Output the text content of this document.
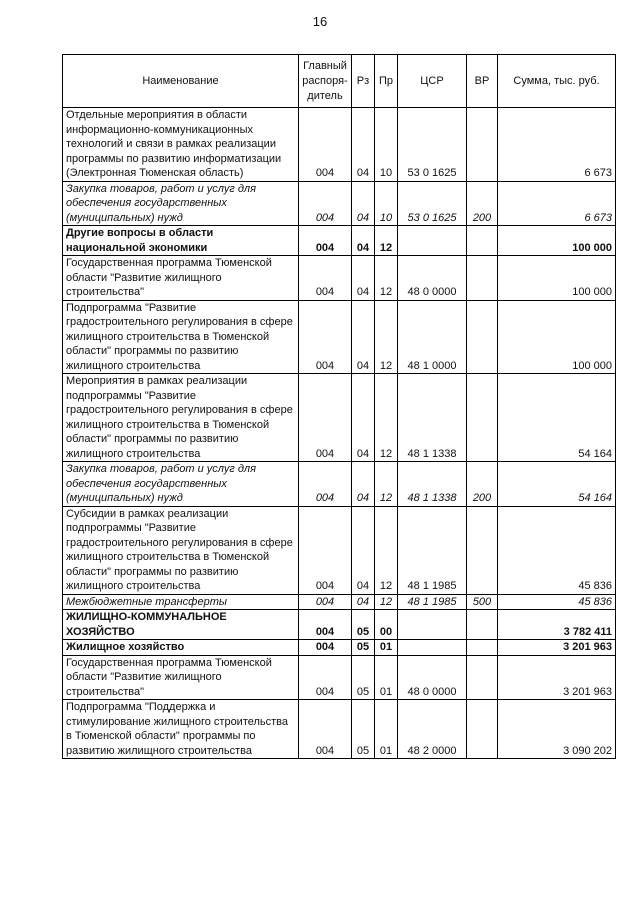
16
Наименование	Главный распоря-дитель	Рз	Пр	ЦСР	ВР	Сумма, тыс. руб.
Отдельные мероприятия в области информационно-коммуникационных технологий и связи в рамках реализации программы по развитию информатизации (Электронная Тюменская область)	004	04	10	53 0 1625		6 673
Закупка товаров, работ и услуг для обеспечения государственных (муниципальных) нужд	004	04	10	53 0 1625	200	6 673
Другие вопросы в области национальной экономики	004	04	12			100 000
Государственная программа Тюменской области "Развитие жилищного строительства"	004	04	12	48 0 0000		100 000
Подпрограмма "Развитие градостроительного регулирования в сфере жилищного строительства в Тюменской области" программы по развитию жилищного строительства	004	04	12	48 1 0000		100 000
Мероприятия в рамках реализации подпрограммы "Развитие градостроительного регулирования в сфере жилищного строительства в Тюменской области" программы по развитию жилищного строительства	004	04	12	48 1 1338		54 164
Закупка товаров, работ и услуг для обеспечения государственных (муниципальных) нужд	004	04	12	48 1 1338	200	54 164
Субсидии в рамках реализации подпрограммы "Развитие градостроительного регулирования в сфере жилищного строительства в Тюменской области" программы по развитию жилищного строительства	004	04	12	48 1 1985		45 836
Межбюджетные трансферты	004	04	12	48 1 1985	500	45 836
ЖИЛИЩНО-КОММУНАЛЬНОЕ ХОЗЯЙСТВО	004	05	00			3 782 411
Жилищное хозяйство	004	05	01			3 201 963
Государственная программа Тюменской области "Развитие жилищного строительства"	004	05	01	48 0 0000		3 201 963
Подпрограмма "Поддержка и стимулирование жилищного строительства в Тюменской области" программы по развитию жилищного строительства	004	05	01	48 2 0000		3 090 202
